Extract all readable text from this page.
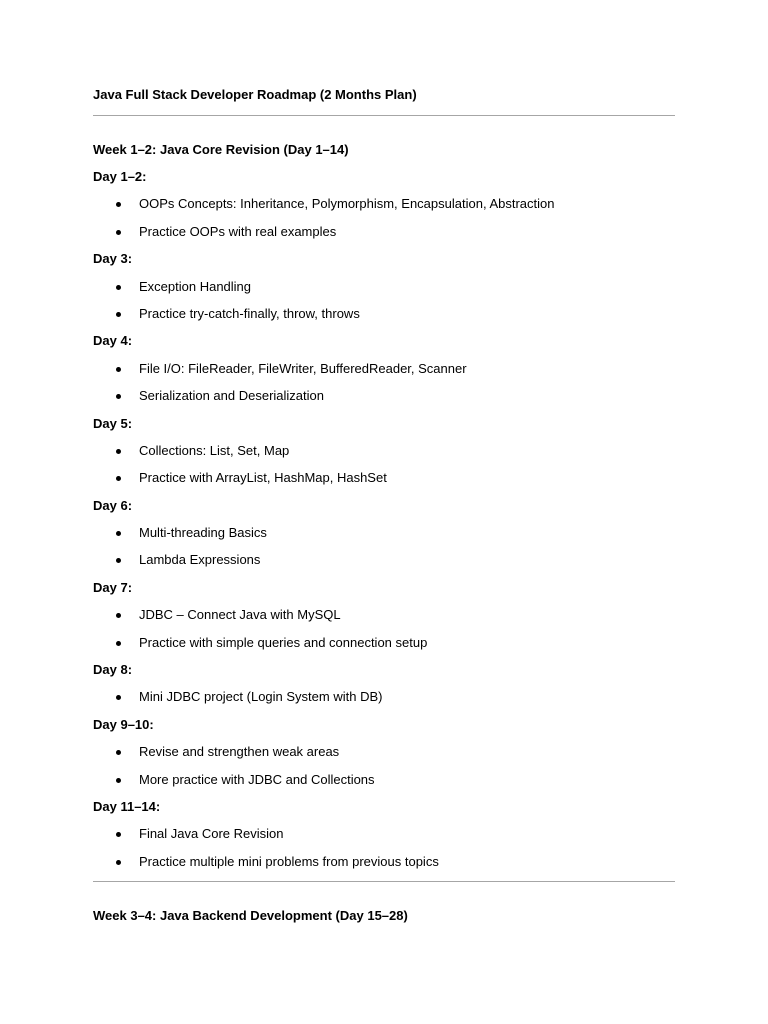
Java Full Stack Developer Roadmap (2 Months Plan)
Week 1–2: Java Core Revision (Day 1–14)
Day 1–2:
OOPs Concepts: Inheritance, Polymorphism, Encapsulation, Abstraction
Practice OOPs with real examples
Day 3:
Exception Handling
Practice try-catch-finally, throw, throws
Day 4:
File I/O: FileReader, FileWriter, BufferedReader, Scanner
Serialization and Deserialization
Day 5:
Collections: List, Set, Map
Practice with ArrayList, HashMap, HashSet
Day 6:
Multi-threading Basics
Lambda Expressions
Day 7:
JDBC – Connect Java with MySQL
Practice with simple queries and connection setup
Day 8:
Mini JDBC project (Login System with DB)
Day 9–10:
Revise and strengthen weak areas
More practice with JDBC and Collections
Day 11–14:
Final Java Core Revision
Practice multiple mini problems from previous topics
Week 3–4: Java Backend Development (Day 15–28)
